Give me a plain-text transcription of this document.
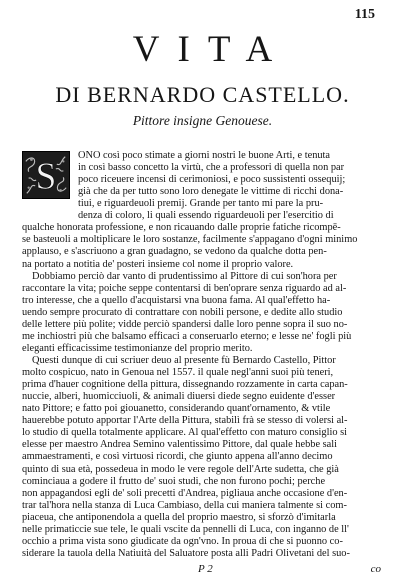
115
VITA
DI BERNARDO CASTELLO.
Pittore insigne Genouese.
S
ONO così poco stimate a giorni nostri le buone Arti, e tenuta
in così basso concetto la virtù, che a professori di quella non par
poco riceuere incensi di cerimoniosi, e poco sussistenti ossequij;
già che da per tutto sono loro denegate le vittime di ricchi dona-
tiui, e riguardeuoli premij. Grande per tanto mi pare la pru-
denza di coloro, li quali essendo riguardeuoli per l'esercitio di
qualche honorata professione, e non ricauando dalle proprie fatiche ricompē-
se basteuoli a moltiplicare le loro sostanze, facilmente s'appagano d'ogni minimo
applauso, e s'ascriuono a gran guadagno, se vedono da qualche dotta pen-
na portato a notitia de' posteri insieme col nome il proprio valore.
Dobbiamo perciò dar vanto di prudentissimo al Pittore di cui son'hora per
raccontare la vita; poiche seppe contentarsi di ben'oprare senza riguardo ad al-
tro interesse, che a quello d'acquistarsi vna buona fama. Al qual'effetto ha-
uendo sempre procurato di contrattare con nobili persone, e dedite allo studio
delle lettere più polite; vidde perciò spandersi dalle loro penne sopra il suo no-
me inchiostri più che balsamo efficaci a conseruarlo eterno; e lesse ne' fogli più
eleganti efficacissime testimonianze del proprio merito.
Questi dunque di cui scriuer deuo al presente fù Bernardo Castello, Pittor
molto cospicuo, nato in Genoua nel 1557. il quale negl'anni suoi più teneri,
prima d'hauer cognitione della pittura, dissegnando rozzamente in carta capan-
nuccie, alberi, huomicciuoli, & animali diuersi diede segno euidente d'esser
nato Pittore; e fatto poi giouanetto, considerando quant'ornamento, & vtile
hauerebbe potuto apportar l'Arte della Pittura, stabilì frà se stesso di volersi al-
lo studio di quella totalmente applicare. Al qual'effetto con maturo consiglio si
elesse per maestro Andrea Semino valentissimo Pittore, dal quale hebbe sali
ammaestramenti, e così virtuosi ricordi, che giunto appena all'anno decimo
quinto di sua età, possedeua in modo le vere regole dell'Arte sudetta, che già
cominciaua a godere il frutto de' suoi studi, che non furono pochi; perche
non appagandosi egli de' soli precetti d'Andrea, pigliaua anche occasione d'en-
trar tal'hora nella stanza di Luca Cambiaso, della cui maniera talmente si com-
piaceua, che antiponendola a quella del proprio maestro, si sforzò d'imitarla
nelle primaticcie sue tele, le quali vscite da pennelli di Luca, con inganno de ll'
occhio a prima vista sono giudicate da ogn'vno. In proua di che si puonno co-
siderare la tauola della Natiuità del Saluatore posta alli Padri Olivetani del suo-
P 2	co
